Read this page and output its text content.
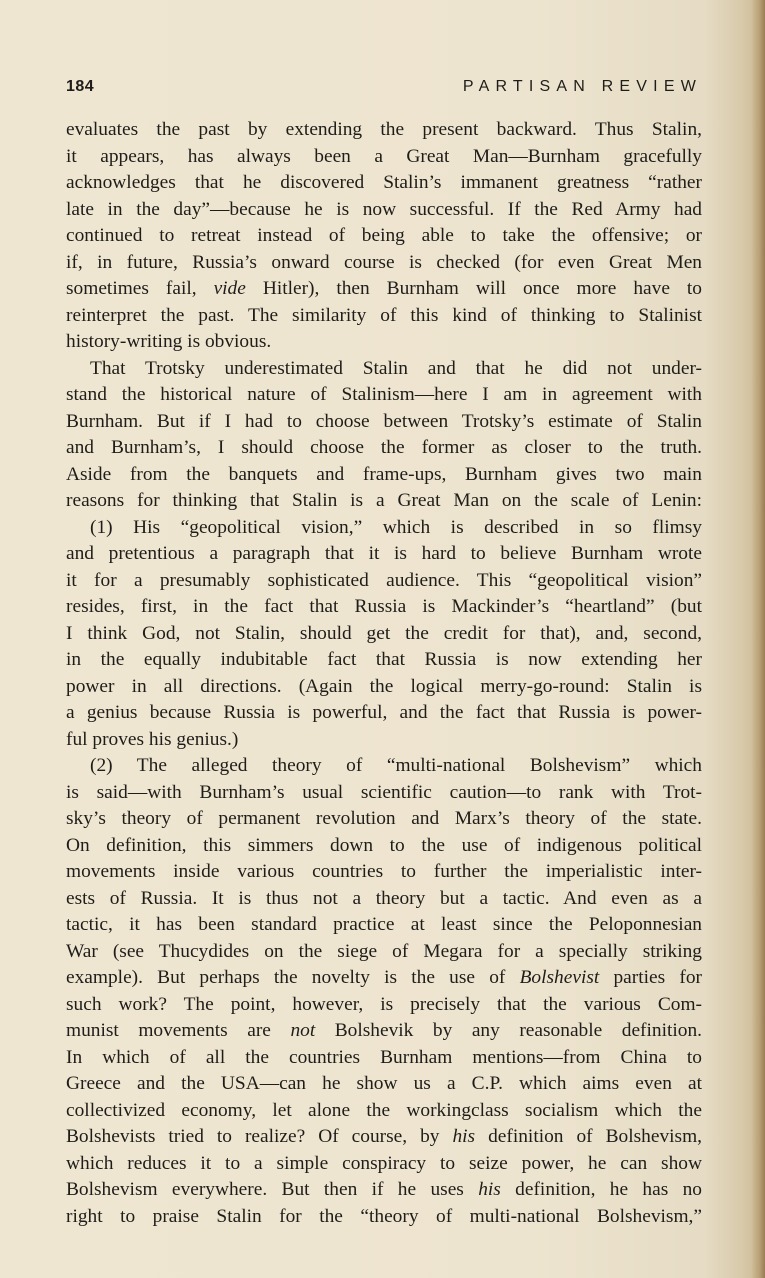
184	PARTISAN REVIEW
evaluates the past by extending the present backward. Thus Stalin,
it appears, has always been a Great Man—Burnham gracefully
acknowledges that he discovered Stalin’s immanent greatness “rather
late in the day”—because he is now successful. If the Red Army had
continued to retreat instead of being able to take the offensive; or
if, in future, Russia’s onward course is checked (for even Great Men
sometimes fail, vide Hitler), then Burnham will once more have to
reinterpret the past. The similarity of this kind of thinking to Stalinist
history-writing is obvious.
That Trotsky underestimated Stalin and that he did not under-
stand the historical nature of Stalinism—here I am in agreement with
Burnham. But if I had to choose between Trotsky’s estimate of Stalin
and Burnham’s, I should choose the former as closer to the truth.
Aside from the banquets and frame-ups, Burnham gives two main
reasons for thinking that Stalin is a Great Man on the scale of Lenin:
(1) His “geopolitical vision,” which is described in so flimsy
and pretentious a paragraph that it is hard to believe Burnham wrote
it for a presumably sophisticated audience. This “geopolitical vision”
resides, first, in the fact that Russia is Mackinder’s “heartland” (but
I think God, not Stalin, should get the credit for that), and, second,
in the equally indubitable fact that Russia is now extending her
power in all directions. (Again the logical merry-go-round: Stalin is
a genius because Russia is powerful, and the fact that Russia is power-
ful proves his genius.)
(2) The alleged theory of “multi-national Bolshevism” which
is said—with Burnham’s usual scientific caution—to rank with Trot-
sky’s theory of permanent revolution and Marx’s theory of the state.
On definition, this simmers down to the use of indigenous political
movements inside various countries to further the imperialistic inter-
ests of Russia. It is thus not a theory but a tactic. And even as a
tactic, it has been standard practice at least since the Peloponnesian
War (see Thucydides on the siege of Megara for a specially striking
example). But perhaps the novelty is the use of Bolshevist parties for
such work? The point, however, is precisely that the various Com-
munist movements are not Bolshevik by any reasonable definition.
In which of all the countries Burnham mentions—from China to
Greece and the USA—can he show us a C.P. which aims even at
collectivized economy, let alone the workingclass socialism which the
Bolshevists tried to realize? Of course, by his definition of Bolshevism,
which reduces it to a simple conspiracy to seize power, he can show
Bolshevism everywhere. But then if he uses his definition, he has no
right to praise Stalin for the “theory of multi-national Bolshevism,”
